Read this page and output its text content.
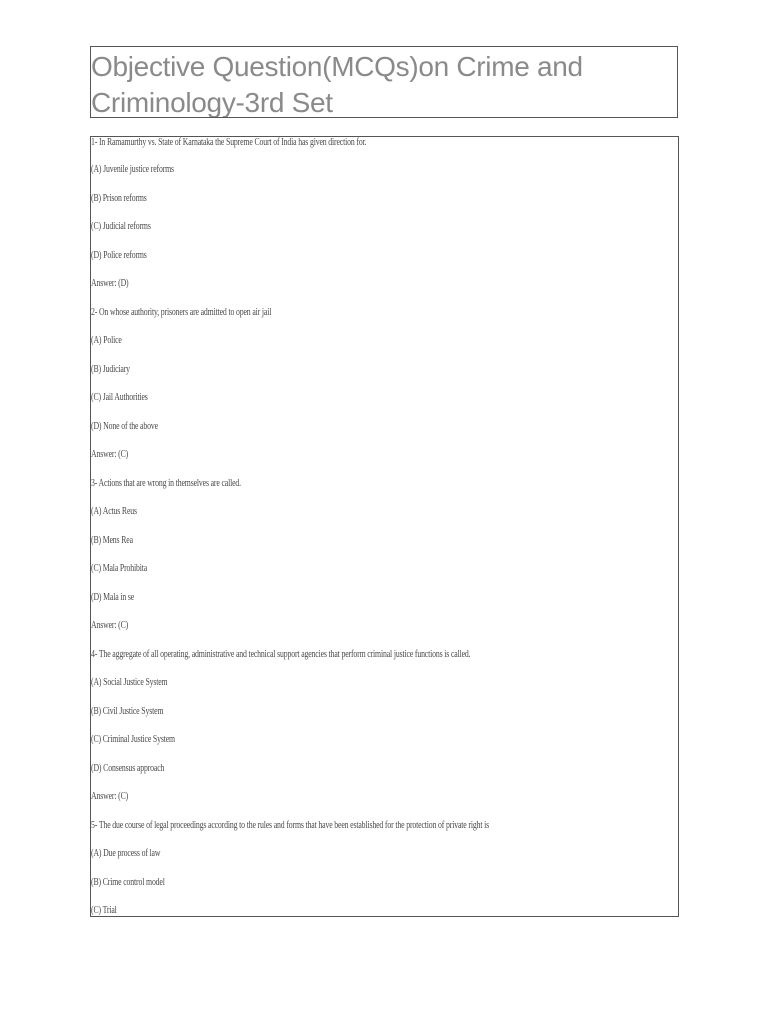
Objective Question(MCQs)on Crime and Criminology-3rd Set

1- In Ramamurthy vs. State of Karnataka the Supreme Court of India has given direction for.

(A) Juvenile justice reforms

(B) Prison reforms

(C) Judicial reforms

(D) Police reforms

Answer: (D)

2- On whose authority, prisoners are admitted to open air jail

(A) Police

(B) Judiciary

(C) Jail Authorities

(D) None of the above

Answer: (C)

3- Actions that are wrong in themselves are called.

(A) Actus Reus

(B) Mens Rea

(C) Mala Prohibita

(D) Mala in se

Answer: (C)

4- The aggregate of all operating, administrative and technical support agencies that perform criminal justice functions is called.

(A) Social Justice System

(B) Civil Justice System

(C) Criminal Justice System

(D) Consensus approach

Answer: (C)

5- The due course of legal proceedings according to the rules and forms that have been established for the protection of private right is

(A) Due process of law

(B) Crime control model

(C) Trial
